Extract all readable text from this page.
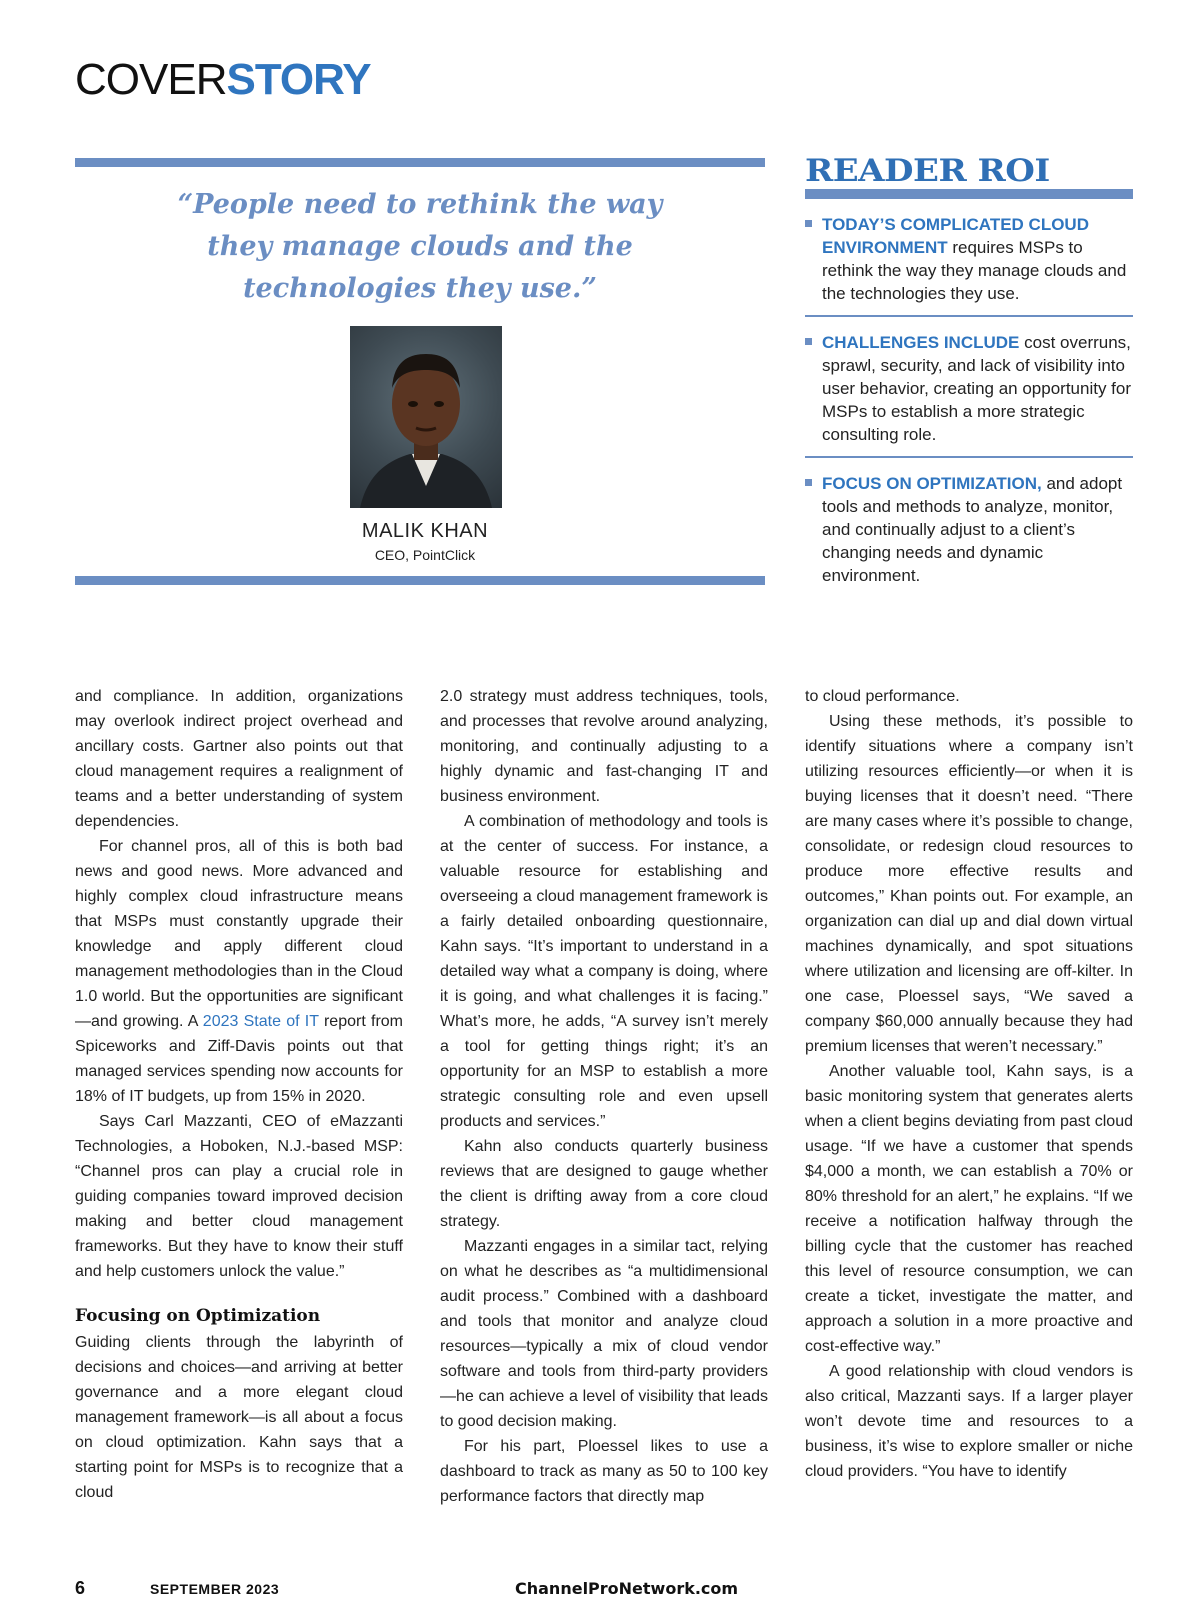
COVERSTORY

“People need to rethink the way they manage clouds and the technologies they use.”

MALIK KHAN
CEO, PointClick
READER ROI
TODAY’S COMPLICATED CLOUD ENVIRONMENT requires MSPs to rethink the way they manage clouds and the technologies they use.
CHALLENGES INCLUDE cost overruns, sprawl, security, and lack of visibility into user behavior, creating an opportunity for MSPs to establish a more strategic consulting role.
FOCUS ON OPTIMIZATION, and adopt tools and methods to analyze, monitor, and continually adjust to a client’s changing needs and dynamic environment.

and compliance. In addition, organizations may overlook indirect project overhead and ancillary costs. Gartner also points out that cloud management requires a realignment of teams and a better understanding of system dependencies.

For channel pros, all of this is both bad news and good news. More advanced and highly complex cloud infrastructure means that MSPs must constantly upgrade their knowledge and apply different cloud management methodologies than in the Cloud 1.0 world. But the opportunities are significant—and growing. A 2023 State of IT report from Spiceworks and Ziff-Davis points out that managed services spending now accounts for 18% of IT budgets, up from 15% in 2020.

Says Carl Mazzanti, CEO of eMazzanti Technologies, a Hoboken, N.J.-based MSP: “Channel pros can play a crucial role in guiding companies toward improved decision making and better cloud management frameworks. But they have to know their stuff and help customers unlock the value.”

Focusing on Optimization

Guiding clients through the labyrinth of decisions and choices—and arriving at better governance and a more elegant cloud management framework—is all about a focus on cloud optimization. Kahn says that a starting point for MSPs is to recognize that a cloud

2.0 strategy must address techniques, tools, and processes that revolve around analyzing, monitoring, and continually adjusting to a highly dynamic and fast-changing IT and business environment.

A combination of methodology and tools is at the center of success. For instance, a valuable resource for establishing and overseeing a cloud management framework is a fairly detailed onboarding questionnaire, Kahn says. “It’s important to understand in a detailed way what a company is doing, where it is going, and what challenges it is facing.” What’s more, he adds, “A survey isn’t merely a tool for getting things right; it’s an opportunity for an MSP to establish a more strategic consulting role and even upsell products and services.”

Kahn also conducts quarterly business reviews that are designed to gauge whether the client is drifting away from a core cloud strategy.

Mazzanti engages in a similar tact, relying on what he describes as “a multidimensional audit process.” Combined with a dashboard and tools that monitor and analyze cloud resources—typically a mix of cloud vendor software and tools from third-party providers—he can achieve a level of visibility that leads to good decision making.

For his part, Ploessel likes to use a dashboard to track as many as 50 to 100 key performance factors that directly map

to cloud performance.

Using these methods, it’s possible to identify situations where a company isn’t utilizing resources efficiently—or when it is buying licenses that it doesn’t need. “There are many cases where it’s possible to change, consolidate, or redesign cloud resources to produce more effective results and outcomes,” Khan points out. For example, an organization can dial up and dial down virtual machines dynamically, and spot situations where utilization and licensing are off-kilter. In one case, Ploessel says, “We saved a company $60,000 annually because they had premium licenses that weren’t necessary.”

Another valuable tool, Kahn says, is a basic monitoring system that generates alerts when a client begins deviating from past cloud usage. “If we have a customer that spends $4,000 a month, we can establish a 70% or 80% threshold for an alert,” he explains. “If we receive a notification halfway through the billing cycle that the customer has reached this level of resource consumption, we can create a ticket, investigate the matter, and approach a solution in a more proactive and cost-effective way.”

A good relationship with cloud vendors is also critical, Mazzanti says. If a larger player won’t devote time and resources to a business, it’s wise to explore smaller or niche cloud providers. “You have to identify

6	SEPTEMBER 2023	ChannelProNetwork.com
